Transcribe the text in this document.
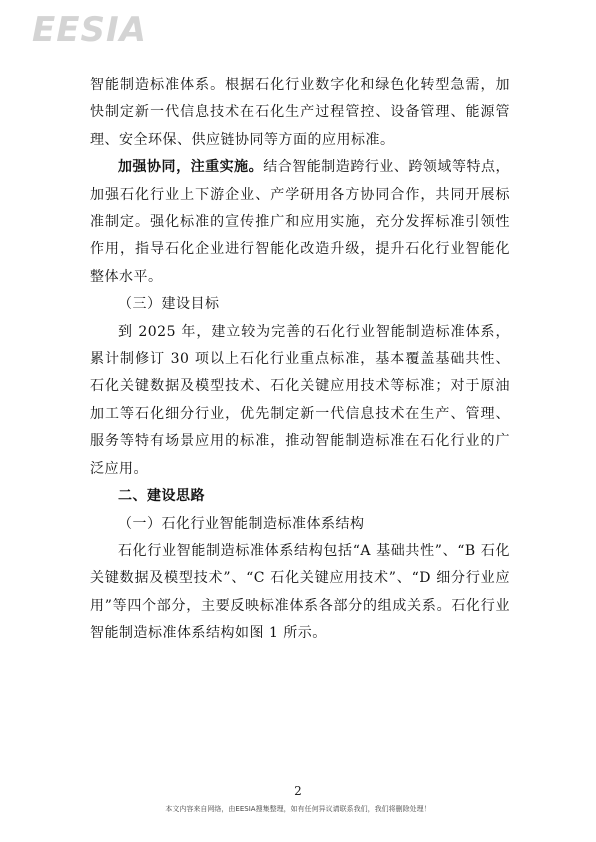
EESIA

智能制造标准体系。根据石化行业数字化和绿色化转型急需，加快制定新一代信息技术在石化生产过程管控、设备管理、能源管理、安全环保、供应链协同等方面的应用标准。

加强协同，注重实施。结合智能制造跨行业、跨领域等特点，加强石化行业上下游企业、产学研用各方协同合作，共同开展标准制定。强化标准的宣传推广和应用实施，充分发挥标准引领性作用，指导石化企业进行智能化改造升级，提升石化行业智能化整体水平。

（三）建设目标

到 2025 年，建立较为完善的石化行业智能制造标准体系，累计制修订 30 项以上石化行业重点标准，基本覆盖基础共性、石化关键数据及模型技术、石化关键应用技术等标准；对于原油加工等石化细分行业，优先制定新一代信息技术在生产、管理、服务等特有场景应用的标准，推动智能制造标准在石化行业的广泛应用。

二、建设思路

（一）石化行业智能制造标准体系结构

石化行业智能制造标准体系结构包括“A 基础共性”、“B 石化关键数据及模型技术”、“C 石化关键应用技术”、“D 细分行业应用”等四个部分，主要反映标准体系各部分的组成关系。石化行业智能制造标准体系结构如图 1 所示。

2
本文内容来自网络，由EESIA搜集整理，如有任何异议请联系我们，我们将删除处理！
